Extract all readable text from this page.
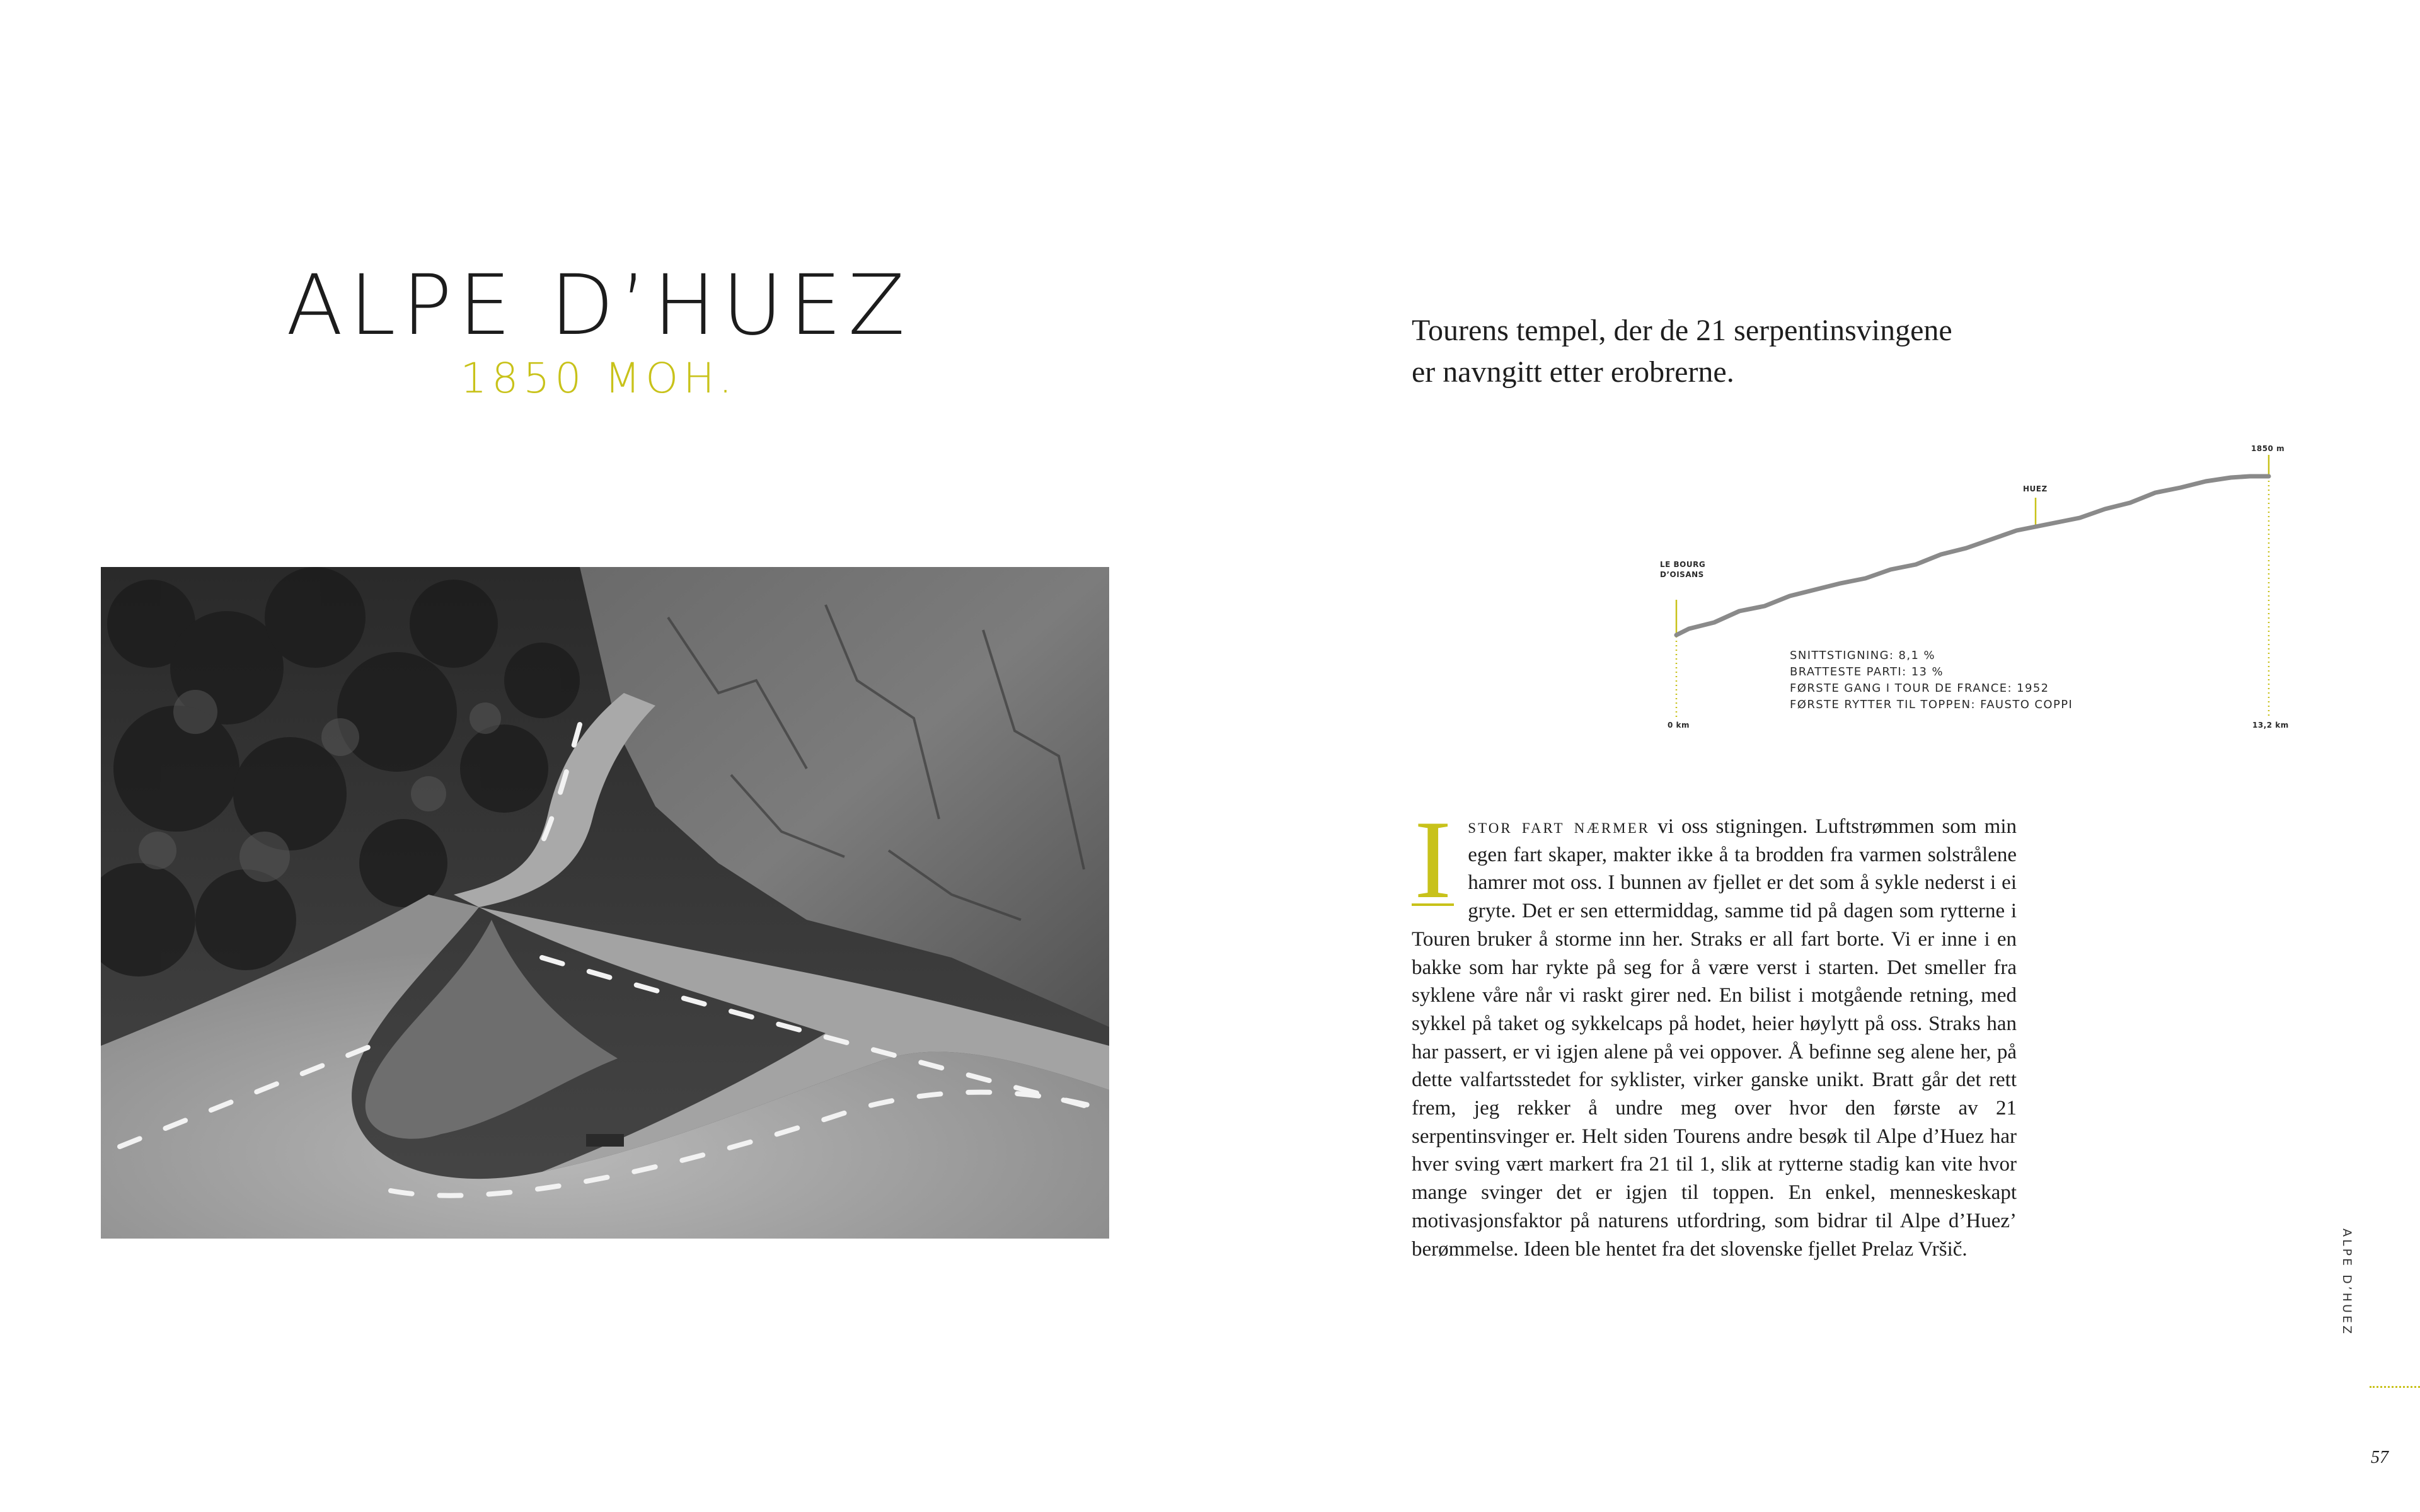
ALPE D’HUEZ
1850 MOH.
Tourens tempel, der de 21 serpentinsvingene
er navngitt etter erobrerne.
LE BOURG
D’OISANS
HUEZ
1850 m
0 km	13,2 km
SNITTSTIGNING: 8,1 %
BRATTESTE PARTI: 13 %
FØRSTE GANG I TOUR DE FRANCE: 1952
FØRSTE RYTTER TIL TOPPEN: FAUSTO COPPI

I stor fart nærmer vi oss stigningen. Luftstrømmen som min egen fart skaper, makter ikke å ta brodden fra varmen solstrålene hamrer mot oss. I bunnen av fjellet er det som å sykle nederst i ei gryte. Det er sen ettermiddag, samme tid på dagen som rytterne i Touren bruker å storme inn her. Straks er all fart borte. Vi er inne i en bakke som har rykte på seg for å være verst i starten. Det smeller fra syklene våre når vi raskt girer ned. En bilist i motgående retning, med sykkel på taket og sykkelcaps på hodet, heier høylytt på oss. Straks han har passert, er vi igjen alene på vei oppover. Å befinne seg alene her, på dette valfartsstedet for syklister, virker ganske unikt. Bratt går det rett frem, jeg rekker å undre meg over hvor den første av 21 serpentinsvinger er. Helt siden Tourens andre besøk til Alpe d’Huez har hver sving vært markert fra 21 til 1, slik at rytterne stadig kan vite hvor mange svinger det er igjen til toppen. En enkel, menneskeskapt motivasjonsfaktor på naturens utfordring, som bidrar til Alpe d’Huez’ berømmelse. Ideen ble hentet fra det slovenske fjellet Prelaz Vršič.	ALPE D’HUEZ
57
